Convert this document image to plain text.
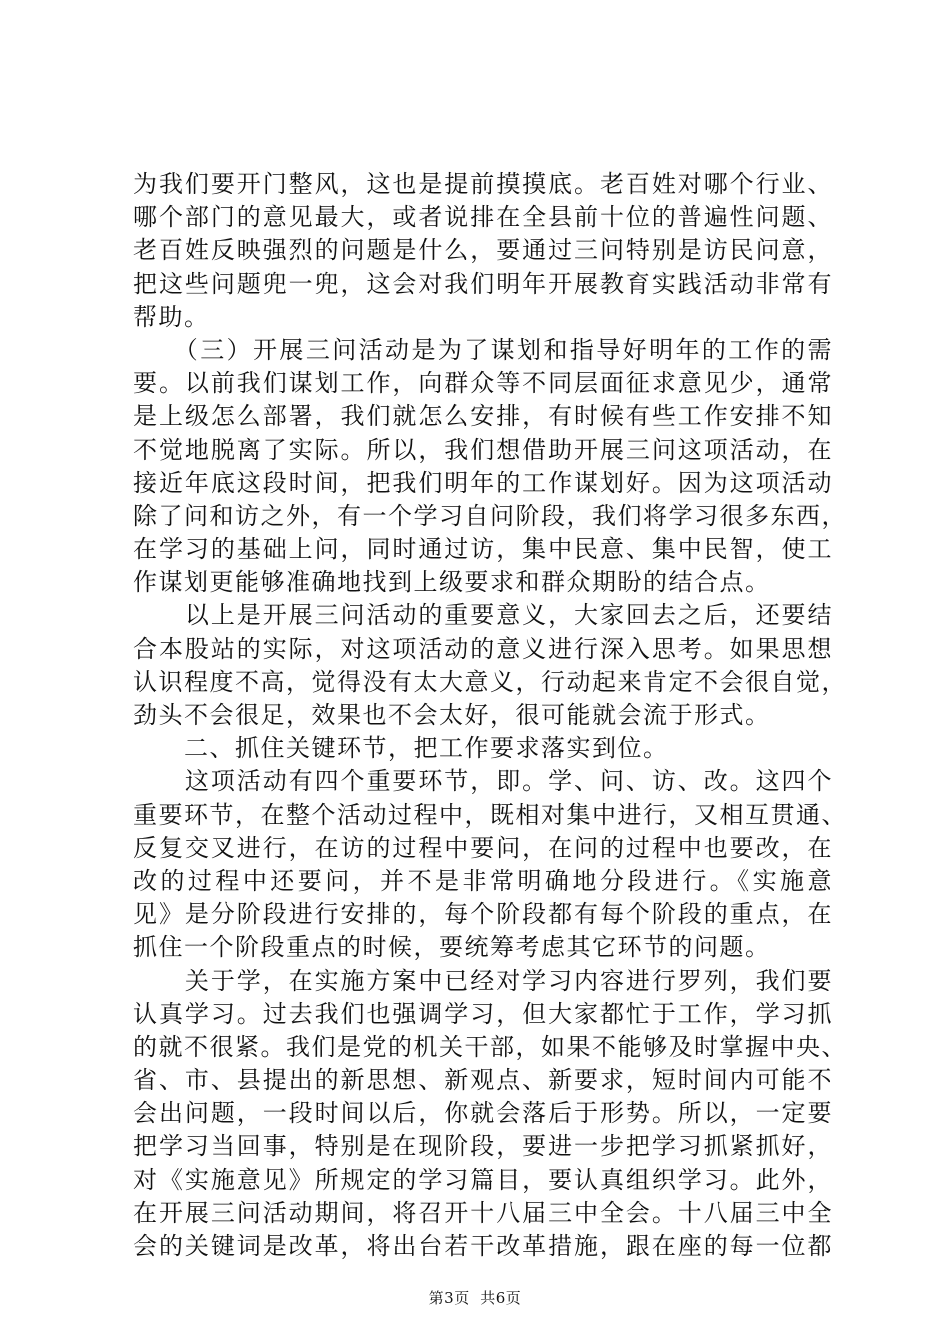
为我们要开门整风，这也是提前摸摸底。老百姓对哪个行业、
哪个部门的意见最大，或者说排在全县前十位的普遍性问题、
老百姓反映强烈的问题是什么，要通过三问特别是访民问意，
把这些问题兜一兜，这会对我们明年开展教育实践活动非常有
帮助。
　　（三）开展三问活动是为了谋划和指导好明年的工作的需
要。以前我们谋划工作，向群众等不同层面征求意见少，通常
是上级怎么部署，我们就怎么安排，有时候有些工作安排不知
不觉地脱离了实际。所以，我们想借助开展三问这项活动，在
接近年底这段时间，把我们明年的工作谋划好。因为这项活动
除了问和访之外，有一个学习自问阶段，我们将学习很多东西，
在学习的基础上问，同时通过访，集中民意、集中民智，使工
作谋划更能够准确地找到上级要求和群众期盼的结合点。
　　以上是开展三问活动的重要意义，大家回去之后，还要结
合本股站的实际，对这项活动的意义进行深入思考。如果思想
认识程度不高，觉得没有太大意义，行动起来肯定不会很自觉，
劲头不会很足，效果也不会太好，很可能就会流于形式。
　　二、抓住关键环节，把工作要求落实到位。
　　这项活动有四个重要环节，即。学、问、访、改。这四个
重要环节，在整个活动过程中，既相对集中进行，又相互贯通、
反复交叉进行，在访的过程中要问，在问的过程中也要改，在
改的过程中还要问，并不是非常明确地分段进行。《实施意
见》是分阶段进行安排的，每个阶段都有每个阶段的重点，在
抓住一个阶段重点的时候，要统筹考虑其它环节的问题。
　　关于学，在实施方案中已经对学习内容进行罗列，我们要
认真学习。过去我们也强调学习，但大家都忙于工作，学习抓
的就不很紧。我们是党的机关干部，如果不能够及时掌握中央、
省、市、县提出的新思想、新观点、新要求，短时间内可能不
会出问题，一段时间以后，你就会落后于形势。所以，一定要
把学习当回事，特别是在现阶段，要进一步把学习抓紧抓好，
对《实施意见》所规定的学习篇目，要认真组织学习。此外，
在开展三问活动期间，将召开十八届三中全会。十八届三中全
会的关键词是改革，将出台若干改革措施，跟在座的每一位都
第3页 共6页
